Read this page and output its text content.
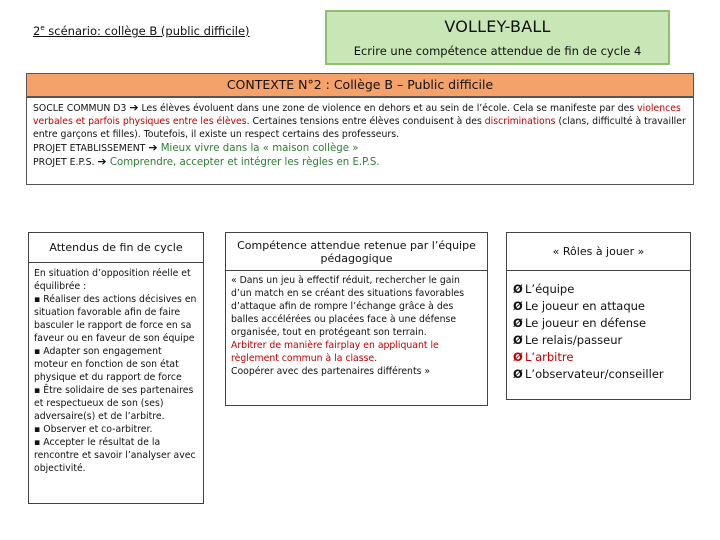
2e scénario: collège B (public difficile)	VOLLEY-BALL
Ecrire une compétence attendue de fin de cycle 4
CONTEXTE N°2 : Collège B – Public difficile
SOCLE COMMUN D3 ➔ Les élèves évoluent dans une zone de violence en dehors et au sein de l’école. Cela se manifeste par des violences verbales et parfois physiques entre les élèves. Certaines tensions entre élèves conduisent à des discriminations (clans, difficulté à travailler entre garçons et filles). Toutefois, il existe un respect certains des professeurs.
PROJET ETABLISSEMENT ➔ Mieux vivre dans la « maison collège »
PROJET E.P.S. ➔ Comprendre, accepter et intégrer les règles en E.P.S.
Attendus de fin de cycle
En situation d’opposition réelle et équilibrée :
▪ Réaliser des actions décisives en situation favorable afin de faire basculer le rapport de force en sa faveur ou en faveur de son équipe
▪ Adapter son engagement moteur en fonction de son état physique et du rapport de force
▪ Être solidaire de ses partenaires et respectueux de son (ses) adversaire(s) et de l’arbitre.
▪ Observer et co-arbitrer.
▪ Accepter le résultat de la rencontre et savoir l’analyser avec objectivité.
Compétence attendue retenue par l’équipe pédagogique
« Dans un jeu à effectif réduit, rechercher le gain d’un match en se créant des situations favorables d’attaque afin de rompre l’échange grâce à des balles accélérées ou placées face à une défense organisée, tout en protégeant son terrain.
Arbitrer de manière fairplay en appliquant le règlement commun à la classe.
Coopérer avec des partenaires différents »
« Rôles à jouer »
Ø L’équipe
Ø Le joueur en attaque
Ø Le joueur en défense
Ø Le relais/passeur
Ø L’arbitre
Ø L’observateur/conseiller
